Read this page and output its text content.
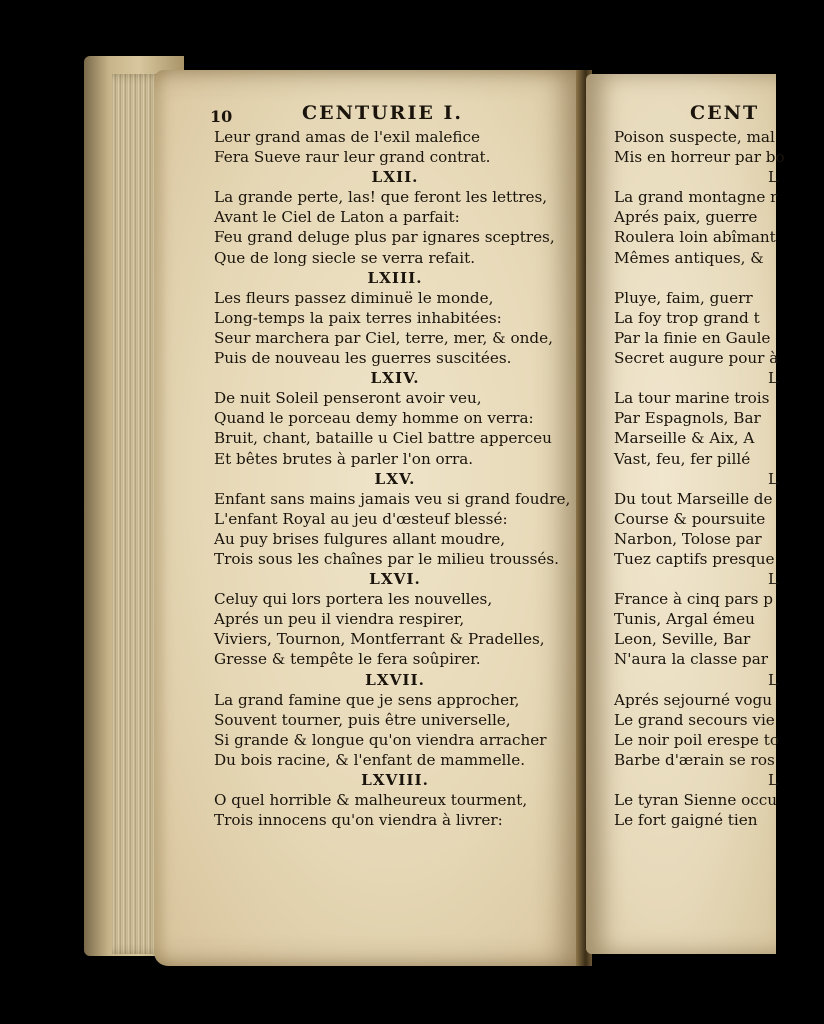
10	CENTURIE I.
Leur grand amas de l'exil malefice
Fera Sueve raur leur grand contrat.
LXII.
La grande perte, las! que feront les lettres,
Avant le Ciel de Laton a parfait:
Feu grand deluge plus par ignares sceptres,
Que de long siecle se verra refait.
LXIII.
Les fleurs passez diminuë le monde,
Long-temps la paix terres inhabitées:
Seur marchera par Ciel, terre, mer, & onde,
Puis de nouveau les guerres suscitées.
LXIV.
De nuit Soleil penseront avoir veu,
Quand le porceau demy homme on verra:
Bruit, chant, bataille u Ciel battre apperceu
Et bêtes brutes à parler l'on orra.
LXV.
Enfant sans mains jamais veu si grand foudre,
L'enfant Royal au jeu d'œsteuf blessé:
Au puy brises fulgures allant moudre,
Trois sous les chaînes par le milieu troussés.
LXVI.
Celuy qui lors portera les nouvelles,
Aprés un peu il viendra respirer,
Viviers, Tournon, Montferrant & Pradelles,
Gresse & tempête le fera soûpirer.
LXVII.
La grand famine que je sens approcher,
Souvent tourner, puis être universelle,
Si grande & longue qu'on viendra arracher
Du bois racine, & l'enfant de mammelle.
LXVIII.
O quel horrible & malheureux tourment,
Trois innocens qu'on viendra à livrer:
CENT
Poison suspecte, mal
Mis en horreur par bo
L
La grand montagne r
Aprés paix, guerre
Roulera loin abîmant
Mêmes antiques, &

Pluye, faim, guerr
La foy trop grand t
Par la finie en Gaule
Secret augure pour à
L
La tour marine trois
Par Espagnols, Bar
Marseille & Aix, A
Vast, feu, fer pillé
L
Du tout Marseille de
Course & poursuite
Narbon, Tolose par
Tuez captifs presque
L
France à cinq pars p
Tunis, Argal émeu
Leon, Seville, Bar
N'aura la classe par
L
Aprés sejourné vogu
Le grand secours vie
Le noir poil erespe to
Barbe d'ærain se ros
L
Le tyran Sienne occu
Le fort gaigné tien
